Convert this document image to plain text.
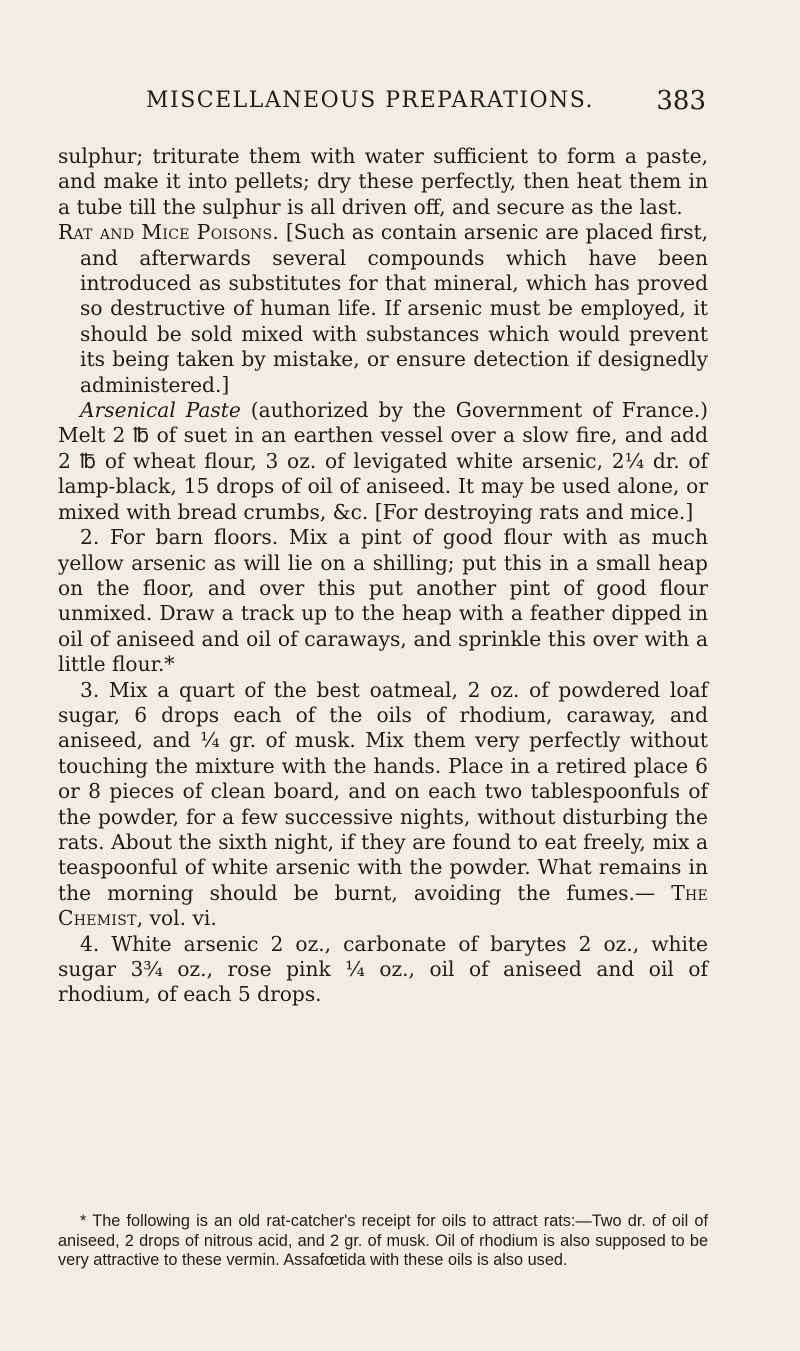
MISCELLANEOUS PREPARATIONS. 383

sulphur; triturate them with water sufficient to form a paste, and make it into pellets; dry these perfectly, then heat them in a tube till the sulphur is all driven off, and secure as the last.

Rat and Mice Poisons. [Such as contain arsenic are placed first, and afterwards several compounds which have been introduced as substitutes for that mineral, which has proved so destructive of human life. If arsenic must be employed, it should be sold mixed with substances which would prevent its being taken by mistake, or ensure detection if designedly administered.]

Arsenical Paste (authorized by the Government of France.) Melt 2 ℔ of suet in an earthen vessel over a slow fire, and add 2 ℔ of wheat flour, 3 oz. of levigated white arsenic, 2¼ dr. of lamp-black, 15 drops of oil of aniseed. It may be used alone, or mixed with bread crumbs, &c. [For destroying rats and mice.]

2. For barn floors. Mix a pint of good flour with as much yellow arsenic as will lie on a shilling; put this in a small heap on the floor, and over this put another pint of good flour unmixed. Draw a track up to the heap with a feather dipped in oil of aniseed and oil of caraways, and sprinkle this over with a little flour.*

3. Mix a quart of the best oatmeal, 2 oz. of powdered loaf sugar, 6 drops each of the oils of rhodium, caraway, and aniseed, and ¼ gr. of musk. Mix them very perfectly without touching the mixture with the hands. Place in a retired place 6 or 8 pieces of clean board, and on each two tablespoonfuls of the powder, for a few successive nights, without disturbing the rats. About the sixth night, if they are found to eat freely, mix a teaspoonful of white arsenic with the powder. What remains in the morning should be burnt, avoiding the fumes.— The Chemist, vol. vi.

4. White arsenic 2 oz., carbonate of barytes 2 oz., white sugar 3¾ oz., rose pink ¼ oz., oil of aniseed and oil of rhodium, of each 5 drops.

* The following is an old rat-catcher's receipt for oils to attract rats:—Two dr. of oil of aniseed, 2 drops of nitrous acid, and 2 gr. of musk. Oil of rhodium is also supposed to be very attractive to these vermin. Assafœtida with these oils is also used.
